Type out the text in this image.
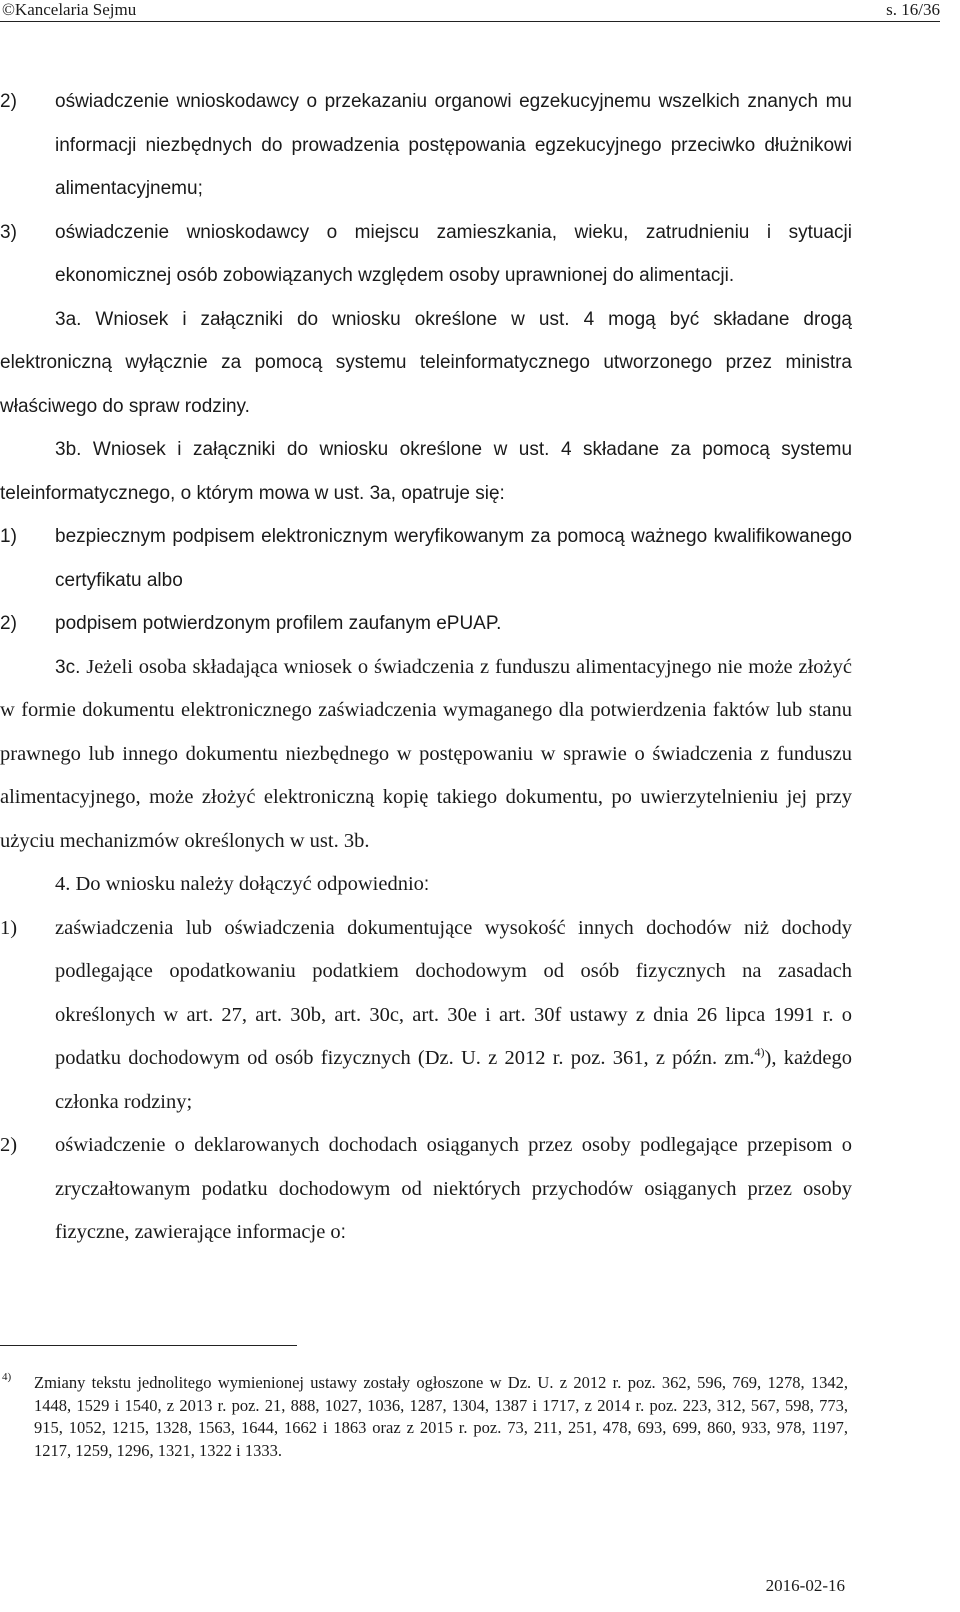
©Kancelaria Sejmu	s. 16/36
2) oświadczenie wnioskodawcy o przekazaniu organowi egzekucyjnemu wszelkich znanych mu informacji niezbędnych do prowadzenia postępowania egzekucyjnego przeciwko dłużnikowi alimentacyjnemu;
3) oświadczenie wnioskodawcy o miejscu zamieszkania, wieku, zatrudnieniu i sytuacji ekonomicznej osób zobowiązanych względem osoby uprawnionej do alimentacji.
3a. Wniosek i załączniki do wniosku określone w ust. 4 mogą być składane drogą elektroniczną wyłącznie za pomocą systemu teleinformatycznego utworzonego przez ministra właściwego do spraw rodziny.
3b. Wniosek i załączniki do wniosku określone w ust. 4 składane za pomocą systemu teleinformatycznego, o którym mowa w ust. 3a, opatruje się:
1) bezpiecznym podpisem elektronicznym weryfikowanym za pomocą ważnego kwalifikowanego certyfikatu albo
2) podpisem potwierdzonym profilem zaufanym ePUAP.
3c. Jeżeli osoba składająca wniosek o świadczenia z funduszu alimentacyjnego nie może złożyć w formie dokumentu elektronicznego zaświadczenia wymaganego dla potwierdzenia faktów lub stanu prawnego lub innego dokumentu niezbędnego w postępowaniu w sprawie o świadczenia z funduszu alimentacyjnego, może złożyć elektroniczną kopię takiego dokumentu, po uwierzytelnieniu jej przy użyciu mechanizmów określonych w ust. 3b.
4. Do wniosku należy dołączyć odpowiednio:
1) zaświadczenia lub oświadczenia dokumentujące wysokość innych dochodów niż dochody podlegające opodatkowaniu podatkiem dochodowym od osób fizycznych na zasadach określonych w art. 27, art. 30b, art. 30c, art. 30e i art. 30f ustawy z dnia 26 lipca 1991 r. o podatku dochodowym od osób fizycznych (Dz. U. z 2012 r. poz. 361, z późn. zm.$^{4)}$), każdego członka rodziny;
2) oświadczenie o deklarowanych dochodach osiąganych przez osoby podlegające przepisom o zryczałtowanym podatku dochodowym od niektórych przychodów osiąganych przez osoby fizyczne, zawierające informacje o:
4) Zmiany tekstu jednolitego wymienionej ustawy zostały ogłoszone w Dz. U. z 2012 r. poz. 362, 596, 769, 1278, 1342, 1448, 1529 i 1540, z 2013 r. poz. 21, 888, 1027, 1036, 1287, 1304, 1387 i 1717, z 2014 r. poz. 223, 312, 567, 598, 773, 915, 1052, 1215, 1328, 1563, 1644, 1662 i 1863 oraz z 2015 r. poz. 73, 211, 251, 478, 693, 699, 860, 933, 978, 1197, 1217, 1259, 1296, 1321, 1322 i 1333.
2016-02-16
